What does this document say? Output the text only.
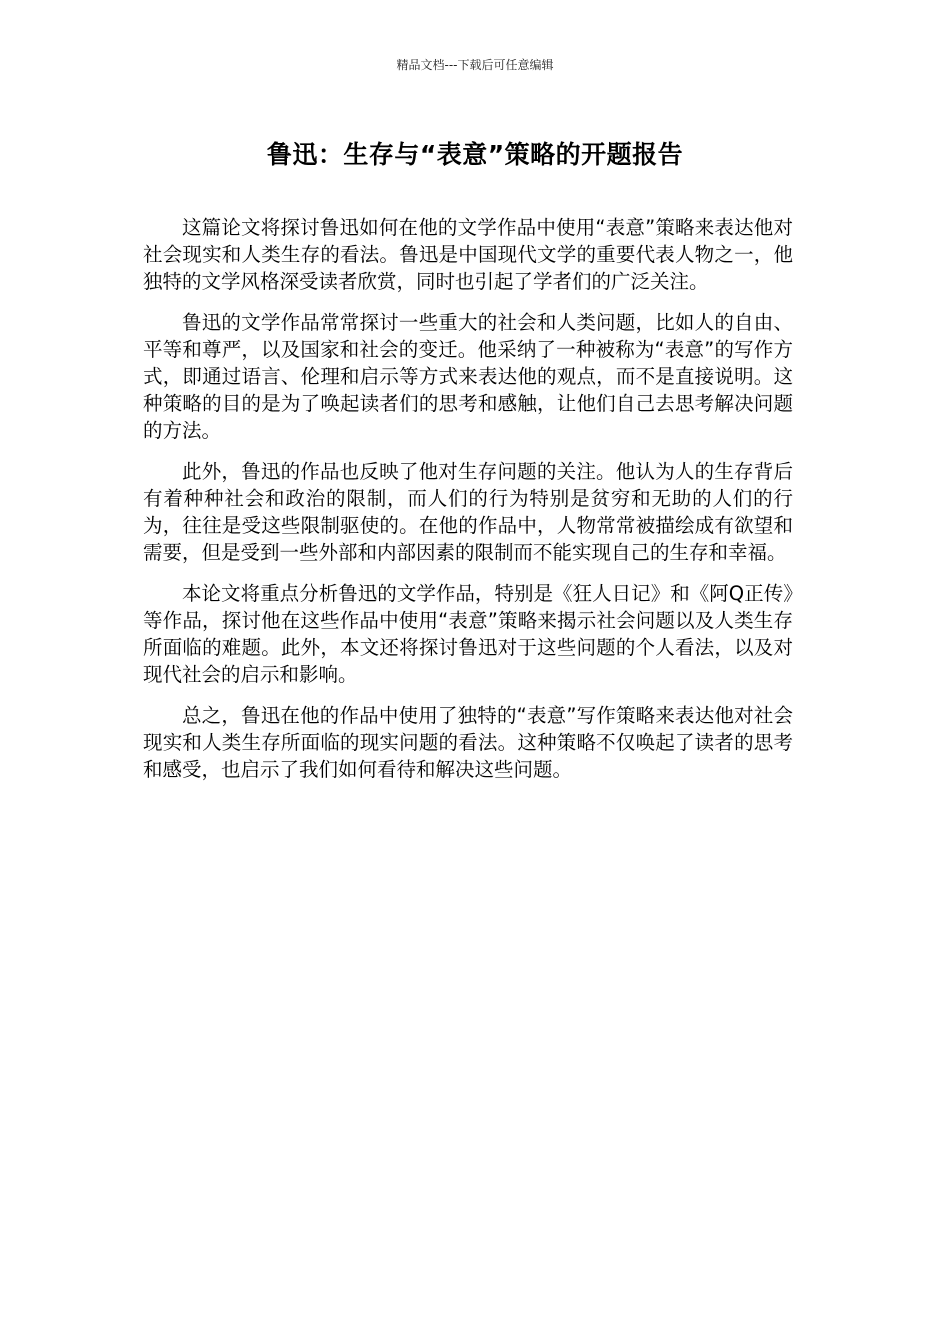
精品文档---下载后可任意编辑
鲁迅：生存与“表意”策略的开题报告

这篇论文将探讨鲁迅如何在他的文学作品中使用“表意”策略来表达他对社会现实和人类生存的看法。鲁迅是中国现代文学的重要代表人物之一，他独特的文学风格深受读者欣赏，同时也引起了学者们的广泛关注。

鲁迅的文学作品常常探讨一些重大的社会和人类问题，比如人的自由、平等和尊严，以及国家和社会的变迁。他采纳了一种被称为“表意”的写作方式，即通过语言、伦理和启示等方式来表达他的观点，而不是直接说明。这种策略的目的是为了唤起读者们的思考和感触，让他们自己去思考解决问题的方法。

此外，鲁迅的作品也反映了他对生存问题的关注。他认为人的生存背后有着种种社会和政治的限制，而人们的行为特别是贫穷和无助的人们的行为，往往是受这些限制驱使的。在他的作品中，人物常常被描绘成有欲望和需要，但是受到一些外部和内部因素的限制而不能实现自己的生存和幸福。

本论文将重点分析鲁迅的文学作品，特别是《狂人日记》和《阿Q正传》等作品，探讨他在这些作品中使用“表意”策略来揭示社会问题以及人类生存所面临的难题。此外，本文还将探讨鲁迅对于这些问题的个人看法，以及对现代社会的启示和影响。

总之，鲁迅在他的作品中使用了独特的“表意”写作策略来表达他对社会现实和人类生存所面临的现实问题的看法。这种策略不仅唤起了读者的思考和感受，也启示了我们如何看待和解决这些问题。
